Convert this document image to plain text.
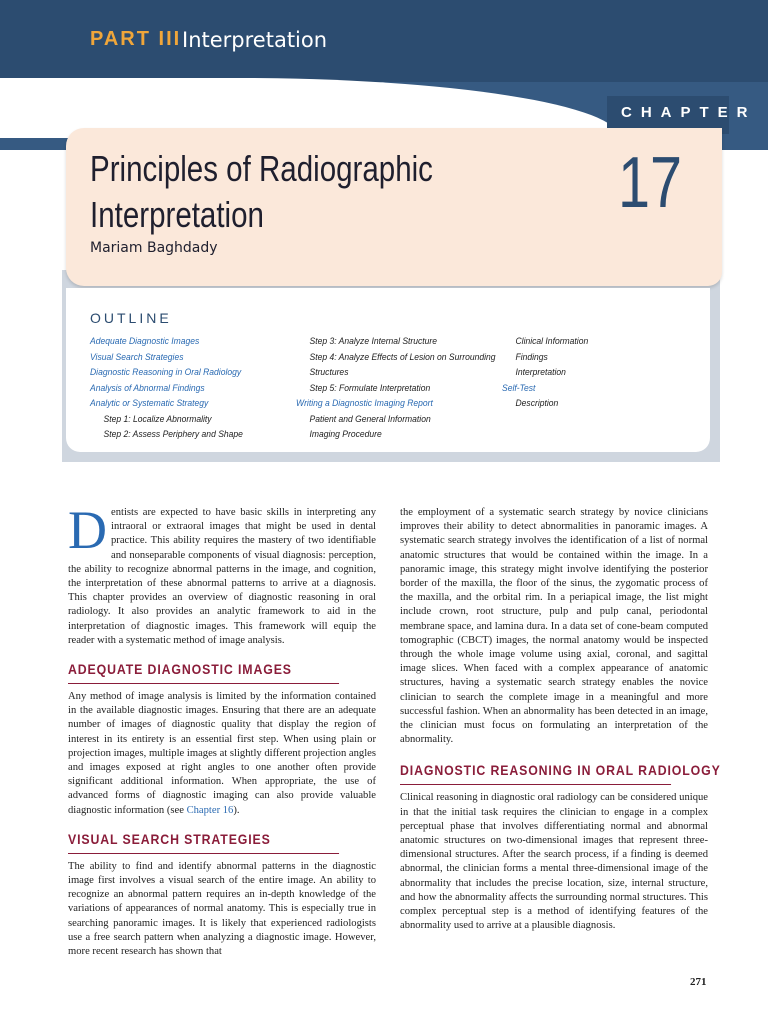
PART III Interpretation
CHAPTER
Principles of Radiographic
Interpretation	17
Mariam Baghdady
OUTLINE
Adequate Diagnostic Images
Visual Search Strategies
Diagnostic Reasoning in Oral Radiology
Analysis of Abnormal Findings
Analytic or Systematic Strategy
Step 1: Localize Abnormality
Step 2: Assess Periphery and Shape
Step 3: Analyze Internal Structure
Step 4: Analyze Effects of Lesion on Surrounding
Structures
Step 5: Formulate Interpretation
Writing a Diagnostic Imaging Report
Patient and General Information
Imaging Procedure
Clinical Information
Findings
Interpretation
Self-Test
Description

Dentists are expected to have basic skills in interpreting any intraoral or extraoral images that might be used in dental practice. This ability requires the mastery of two identifiable and nonseparable components of visual diagnosis: perception, the ability to recognize abnormal patterns in the image, and cognition, the interpretation of these abnormal patterns to arrive at a diagnosis. This chapter provides an overview of diagnostic reasoning in oral radiology. It also provides an analytic framework to aid in the interpretation of diagnostic images. This framework will equip the reader with a systematic method of image analysis.

ADEQUATE DIAGNOSTIC IMAGES

Any method of image analysis is limited by the information contained in the available diagnostic images. Ensuring that there are an adequate number of images of diagnostic quality that display the region of interest in its entirety is an essential first step. When using plain or projection images, multiple images at slightly different projection angles and images exposed at right angles to one another often provide significant additional information. When appropriate, the use of advanced forms of diagnostic imaging can also provide valuable diagnostic information (see Chapter 16).

VISUAL SEARCH STRATEGIES

The ability to find and identify abnormal patterns in the diagnostic image first involves a visual search of the entire image. An ability to recognize an abnormal pattern requires an in-depth knowledge of the variations of appearances of normal anatomy. This is especially true in searching panoramic images. It is likely that experienced radiologists use a free search pattern when analyzing a diagnostic image. However, more recent research has shown that

the employment of a systematic search strategy by novice clinicians improves their ability to detect abnormalities in panoramic images. A systematic search strategy involves the identification of a list of normal anatomic structures that would be contained within the image. In a panoramic image, this strategy might involve identifying the posterior border of the maxilla, the floor of the sinus, the zygomatic process of the maxilla, and the orbital rim. In a periapical image, the list might include crown, root structure, pulp and pulp canal, periodontal membrane space, and lamina dura. In a data set of cone-beam computed tomographic (CBCT) images, the normal anatomy would be inspected through the whole image volume using axial, coronal, and sagittal image slices. When faced with a complex appearance of anatomic structures, having a systematic search strategy enables the novice clinician to search the complete image in a meaningful and more successful fashion. When an abnormality has been detected in an image, the clinician must focus on formulating an interpretation of the abnormality.

DIAGNOSTIC REASONING IN ORAL RADIOLOGY

Clinical reasoning in diagnostic oral radiology can be considered unique in that the initial task requires the clinician to engage in a complex perceptual phase that involves differentiating normal and abnormal anatomic structures on two-dimensional images that represent three-dimensional structures. After the search process, if a finding is deemed abnormal, the clinician forms a mental three-dimensional image of the abnormality that includes the precise location, size, internal structure, and how the abnormality affects the surrounding normal structures. This complex perceptual step is a method of identifying features of the abnormality used to arrive at a plausible diagnosis.

271
